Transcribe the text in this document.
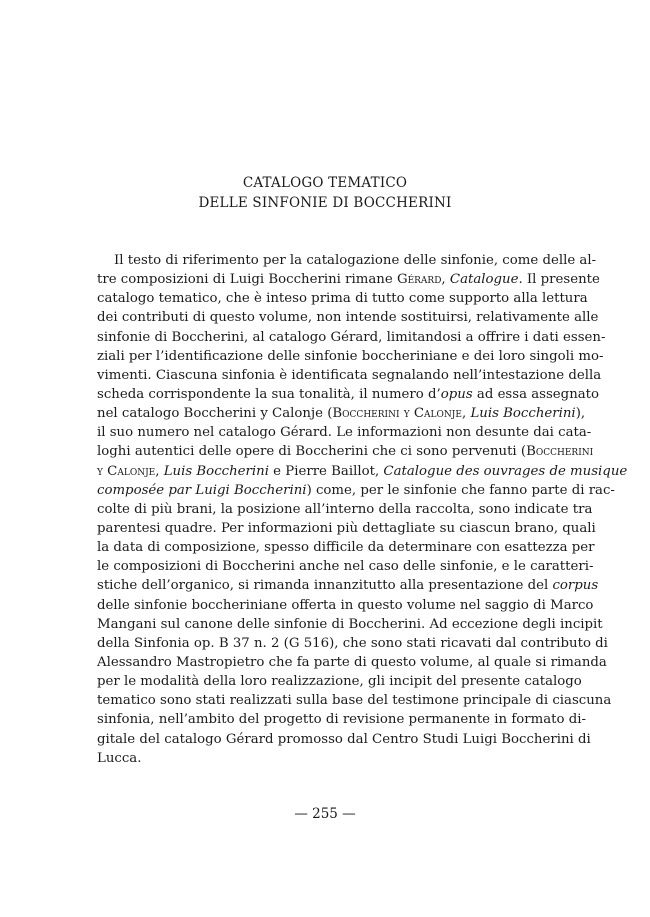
CATALOGO TEMATICO
DELLE SINFONIE DI BOCCHERINI
Il testo di riferimento per la catalogazione delle sinfonie, come delle al-
tre composizioni di Luigi Boccherini rimane Gérard, Catalogue. Il presente
catalogo tematico, che è inteso prima di tutto come supporto alla lettura
dei contributi di questo volume, non intende sostituirsi, relativamente alle
sinfonie di Boccherini, al catalogo Gérard, limitandosi a offrire i dati essen-
ziali per l’identificazione delle sinfonie boccheriniane e dei loro singoli mo-
vimenti. Ciascuna sinfonia è identificata segnalando nell’intestazione della
scheda corrispondente la sua tonalità, il numero d’opus ad essa assegnato
nel catalogo Boccherini y Calonje (Boccherini y Calonje, Luis Boccherini),
il suo numero nel catalogo Gérard. Le informazioni non desunte dai cata-
loghi autentici delle opere di Boccherini che ci sono pervenuti (Boccherini
y Calonje, Luis Boccherini e Pierre Baillot, Catalogue des ouvrages de musique
composée par Luigi Boccherini) come, per le sinfonie che fanno parte di rac-
colte di più brani, la posizione all’interno della raccolta, sono indicate tra
parentesi quadre. Per informazioni più dettagliate su ciascun brano, quali
la data di composizione, spesso difficile da determinare con esattezza per
le composizioni di Boccherini anche nel caso delle sinfonie, e le caratteri-
stiche dell’organico, si rimanda innanzitutto alla presentazione del corpus
delle sinfonie boccheriniane offerta in questo volume nel saggio di Marco
Mangani sul canone delle sinfonie di Boccherini. Ad eccezione degli incipit
della Sinfonia op. B 37 n. 2 (G 516), che sono stati ricavati dal contributo di
Alessandro Mastropietro che fa parte di questo volume, al quale si rimanda
per le modalità della loro realizzazione, gli incipit del presente catalogo
tematico sono stati realizzati sulla base del testimone principale di ciascuna
sinfonia, nell’ambito del progetto di revisione permanente in formato di-
gitale del catalogo Gérard promosso dal Centro Studi Luigi Boccherini di
Lucca.
— 255 —
